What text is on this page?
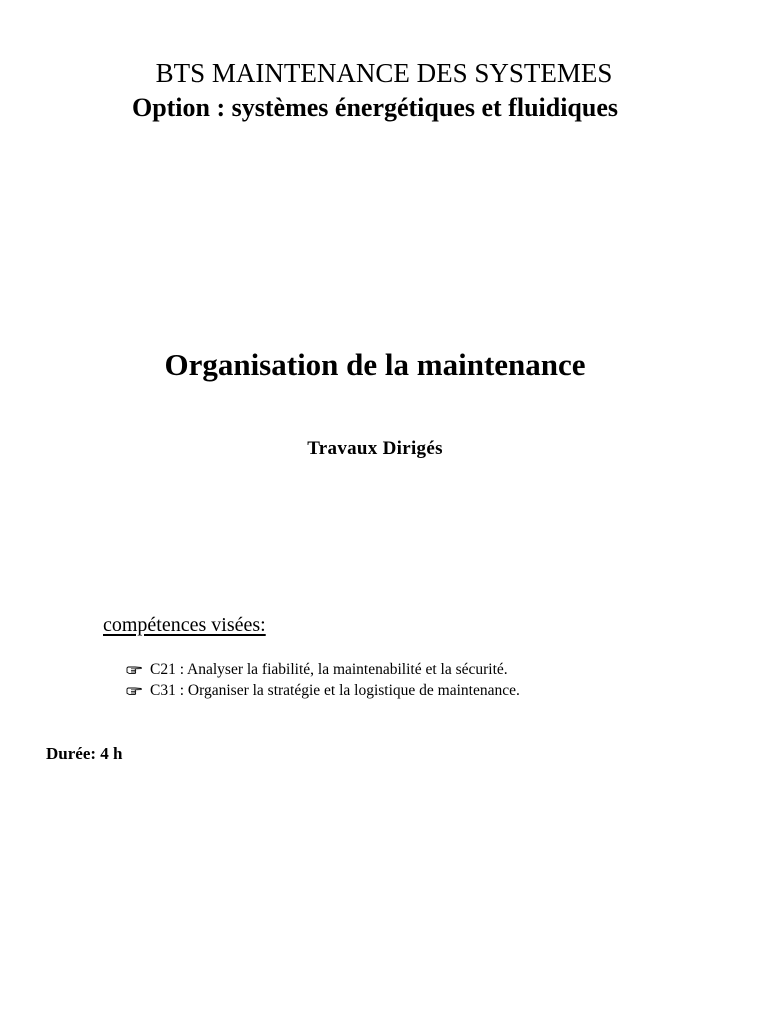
BTS MAINTENANCE DES SYSTEMES
Option : systèmes énergétiques et fluidiques
Organisation de la maintenance
Travaux Dirigés
compétences visées:
C21 : Analyser la fiabilité, la maintenabilité et la sécurité.
C31 : Organiser la stratégie et la logistique de maintenance.
Durée: 4 h
